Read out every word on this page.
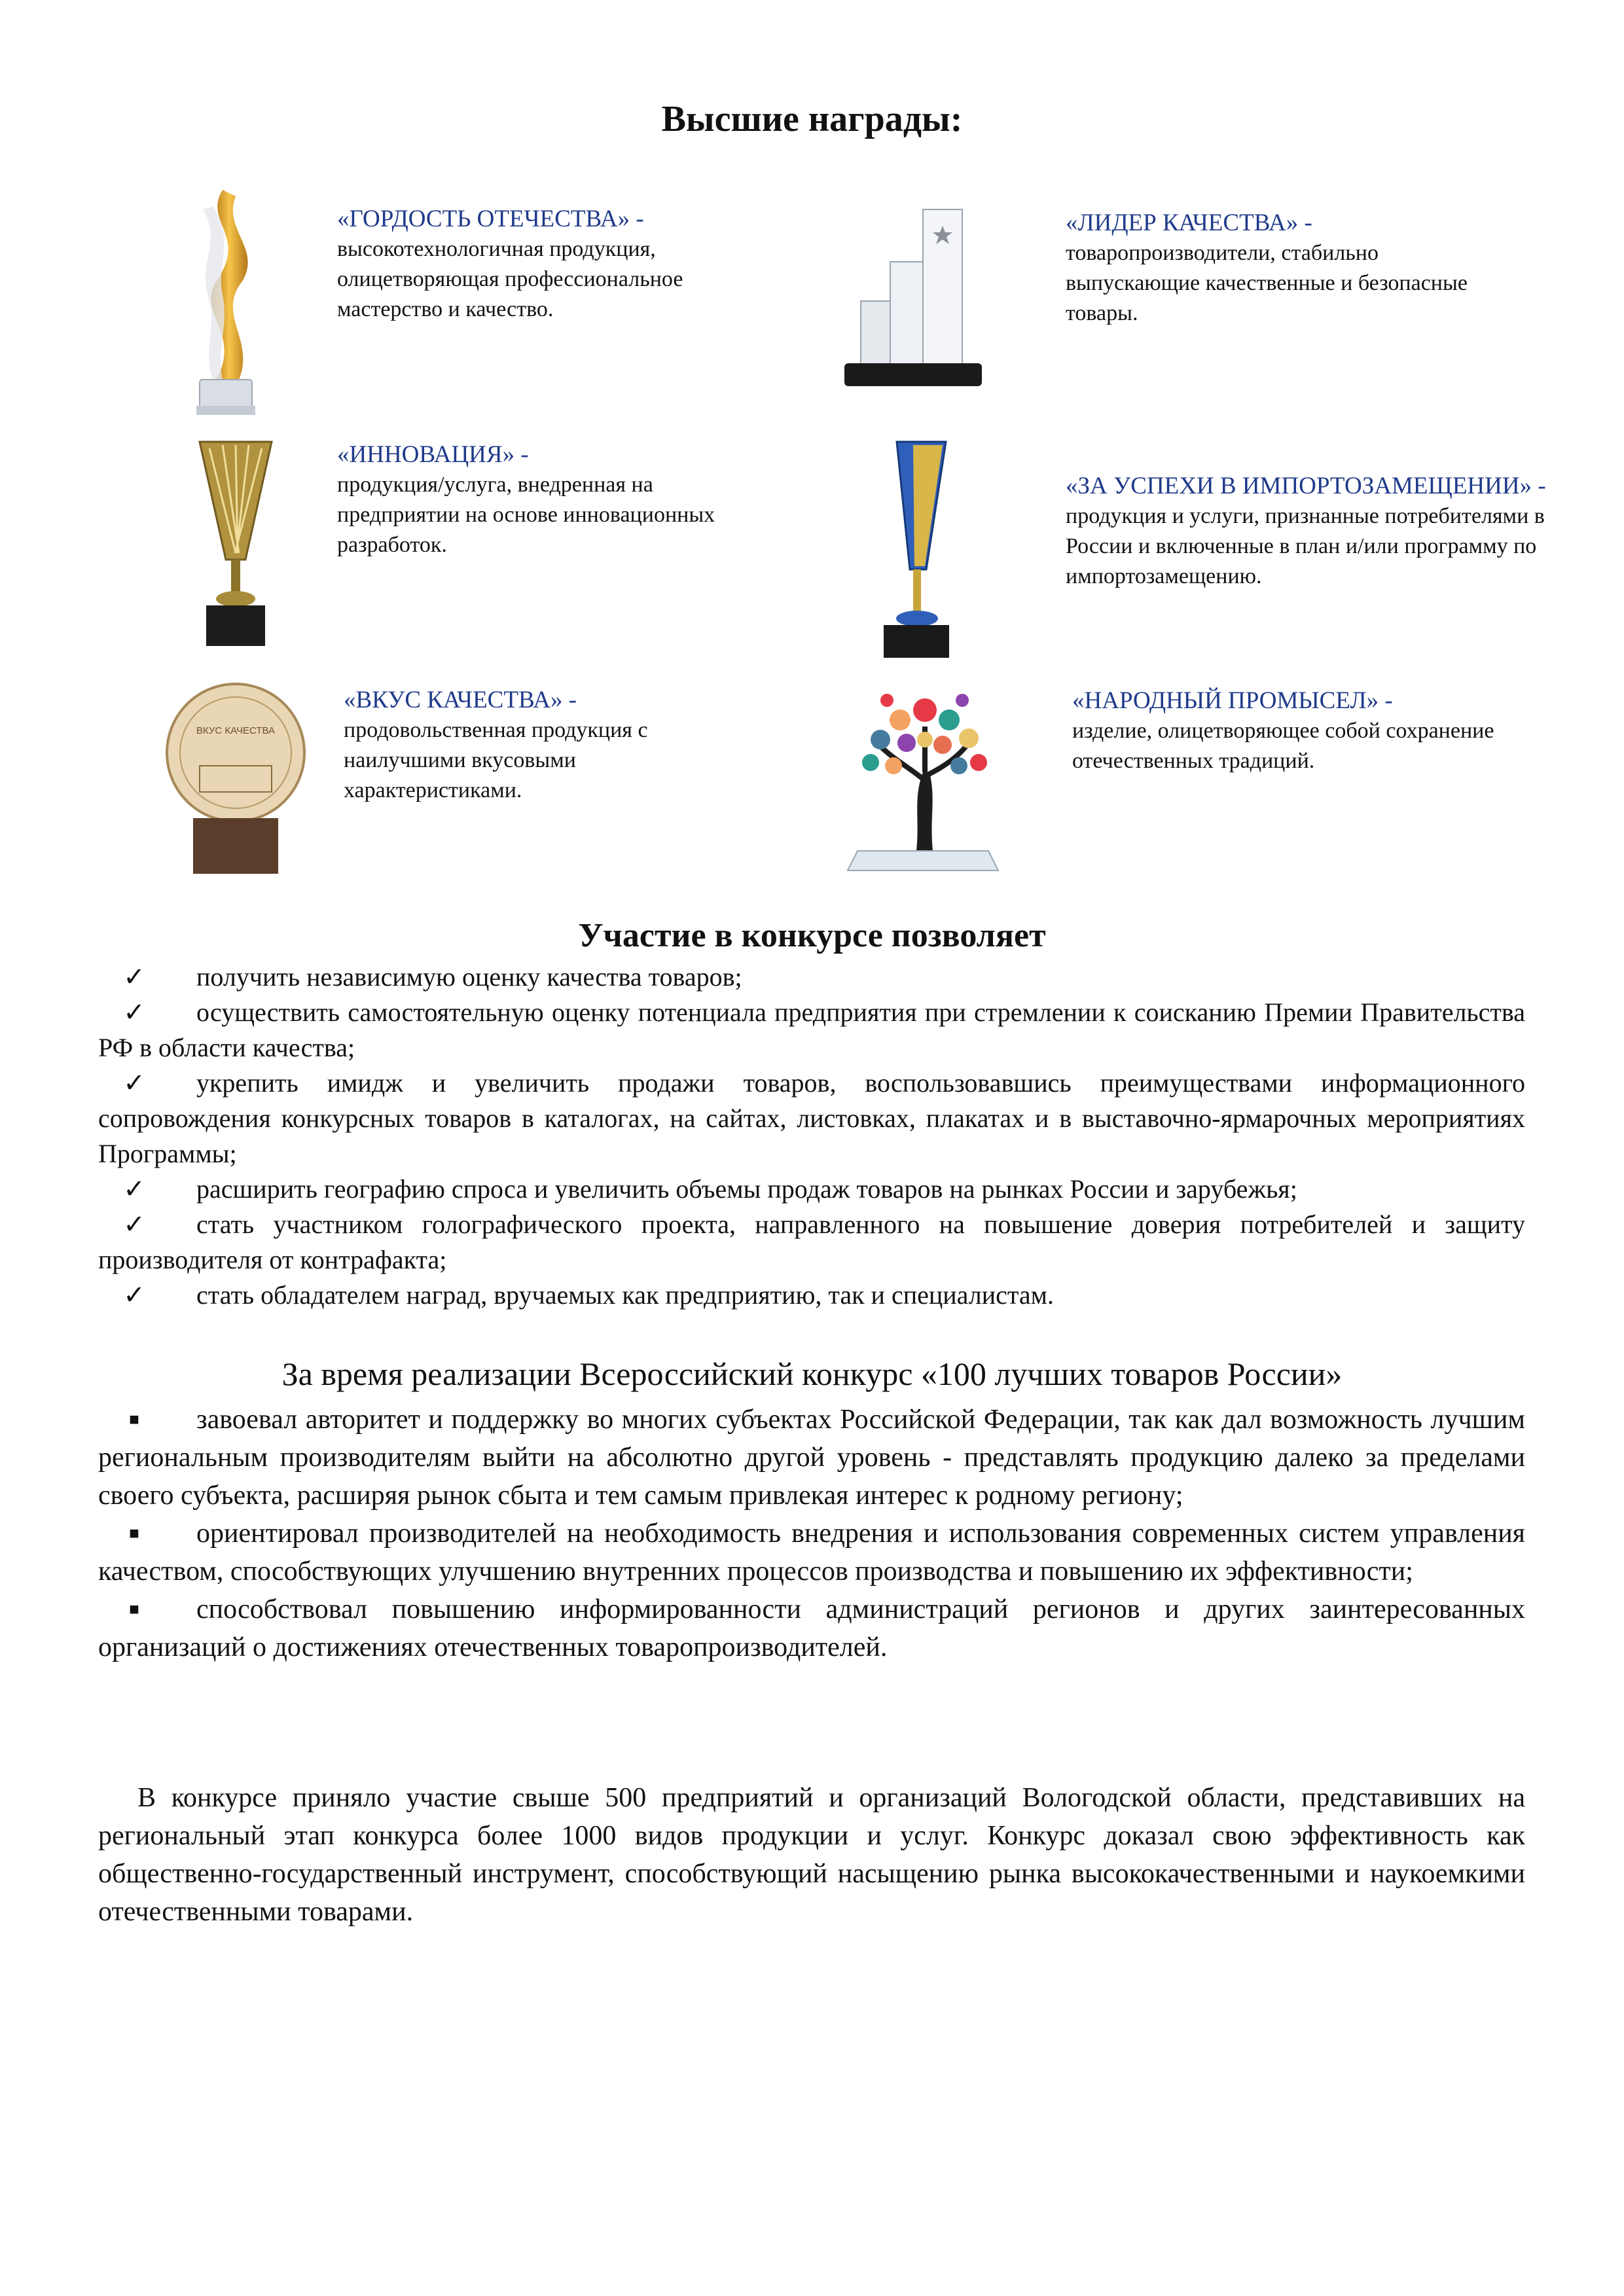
Высшие награды:
«ГОРДОСТЬ ОТЕЧЕСТВА» -
высокотехнологичная продукция, олицетворяющая профессиональное мастерство и качество.
«ЛИДЕР КАЧЕСТВА» -
товаропроизводители, стабильно выпускающие качественные и безопасные товары.
«ИННОВАЦИЯ» -
продукция/услуга, внедренная на предприятии на основе инновационных разработок.
«ЗА УСПЕХИ В ИМПОРТОЗАМЕЩЕНИИ» -
продукция и услуги, признанные потребителями в России и включенные в план и/или программу по импортозамещению.
ВКУС КАЧЕСТВА
«ВКУС КАЧЕСТВА» -
продовольственная продукция с наилучшими вкусовыми характеристиками.
«НАРОДНЫЙ ПРОМЫСЕЛ» -
изделие, олицетворяющее собой сохранение отечественных традиций.
Участие в конкурсе позволяет

✓	получить независимую оценку качества товаров;

✓	осуществить самостоятельную оценку потенциала предприятия при стремлении к соисканию Премии Правительства РФ в области качества;

✓	укрепить имидж и увеличить продажи товаров, воспользовавшись преимуществами информационного сопровождения конкурсных товаров в каталогах, на сайтах, листовках, плакатах и в выставочно-ярмарочных мероприятиях Программы;

✓	расширить географию спроса и увеличить объемы продаж товаров на рынках России и зарубежья;

✓	стать участником голографического проекта, направленного на повышение доверия потребителей и защиту производителя от контрафакта;

✓	стать обладателем наград, вручаемых как предприятию, так и специалистам.

За время реализации Всероссийский конкурс «100 лучших товаров России»

■	завоевал авторитет и поддержку во многих субъектах Российской Федерации, так как дал возможность лучшим региональным производителям выйти на абсолютно другой уровень - представлять продукцию далеко за пределами своего субъекта, расширяя рынок сбыта и тем самым привлекая интерес к родному региону;

■	ориентировал производителей на необходимость внедрения и использования современных систем управления качеством, способствующих улучшению внутренних процессов производства и повышению их эффективности;

■	способствовал повышению информированности администраций регионов и других заинтересованных организаций о достижениях отечественных товаропроизводителей.

В конкурсе приняло участие свыше 500 предприятий и организаций Вологодской области, представивших на региональный этап конкурса более 1000 видов продукции и услуг. Конкурс доказал свою эффективность как общественно-государственный инструмент, способствующий насыщению рынка высококачественными и наукоемкими отечественными товарами.
